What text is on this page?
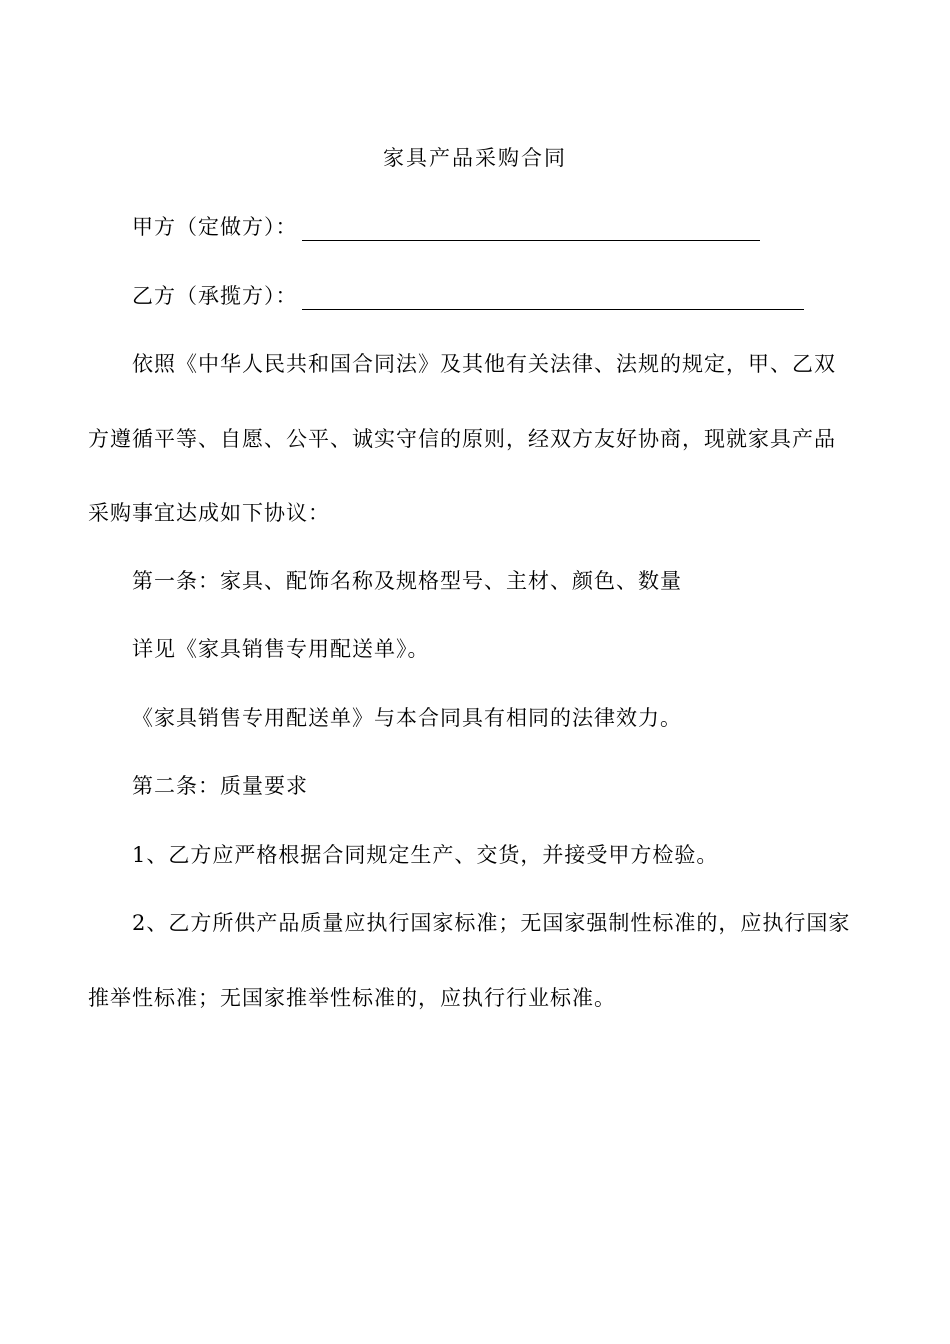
家具产品采购合同
甲方（定做方）：
乙方（承揽方）：
依照《中华人民共和国合同法》及其他有关法律、法规的规定，甲、乙双
方遵循平等、自愿、公平、诚实守信的原则，经双方友好协商，现就家具产品
采购事宜达成如下协议：
第一条：家具、配饰名称及规格型号、主材、颜色、数量
详见《家具销售专用配送单》。
《家具销售专用配送单》与本合同具有相同的法律效力。
第二条：质量要求
1、乙方应严格根据合同规定生产、交货，并接受甲方检验。
2、乙方所供产品质量应执行国家标准；无国家强制性标准的，应执行国家
推举性标准；无国家推举性标准的，应执行行业标准。
